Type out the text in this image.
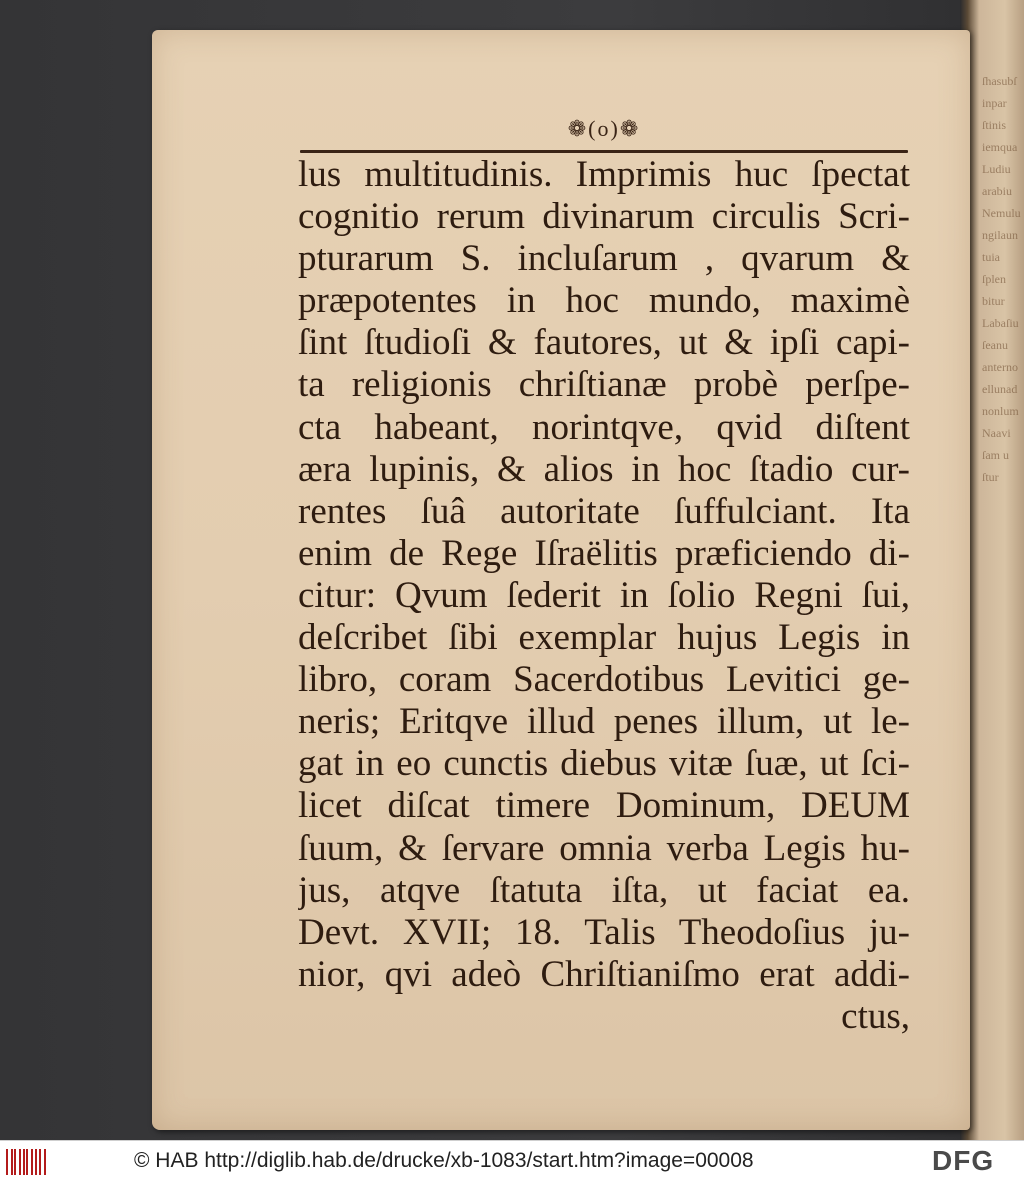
ſhasubſ inpar ſtinis iemqua Ludiu arabiu Nemulu ngilaun tuia ſplen bitur Labaſiu ſeanu anterno ellunad nonlum Naavi ſam u ſtur
❁(o)❁
lus multitudinis. Imprimis huc ſpectat
cognitio rerum divinarum circulis Scri-
pturarum S. incluſarum , qvarum &
præpotentes in hoc mundo, maximè
ſint ſtudioſi & fautores, ut & ipſi capi-
ta religionis chriſtianæ probè perſpe-
cta habeant, norintqve, qvid diſtent
æra lupinis, & alios in hoc ſtadio cur-
rentes ſuâ autoritate ſuffulciant. Ita
enim de Rege Iſraëlitis præficiendo di-
citur: Qvum ſederit in ſolio Regni ſui,
deſcribet ſibi exemplar hujus Legis in
libro, coram Sacerdotibus Levitici ge-
neris; Eritqve illud penes illum, ut le-
gat in eo cunctis diebus vitæ ſuæ, ut ſci-
licet diſcat timere Dominum, DEUM
ſuum, & ſervare omnia verba Legis hu-
jus, atqve ſtatuta iſta, ut faciat ea.
Devt. XVII; 18. Talis Theodoſius ju-
nior, qvi adeò Chriſtianiſmo erat addi-
ctus,
© HAB http://diglib.hab.de/drucke/xb-1083/start.htm?image=00008	DFG
